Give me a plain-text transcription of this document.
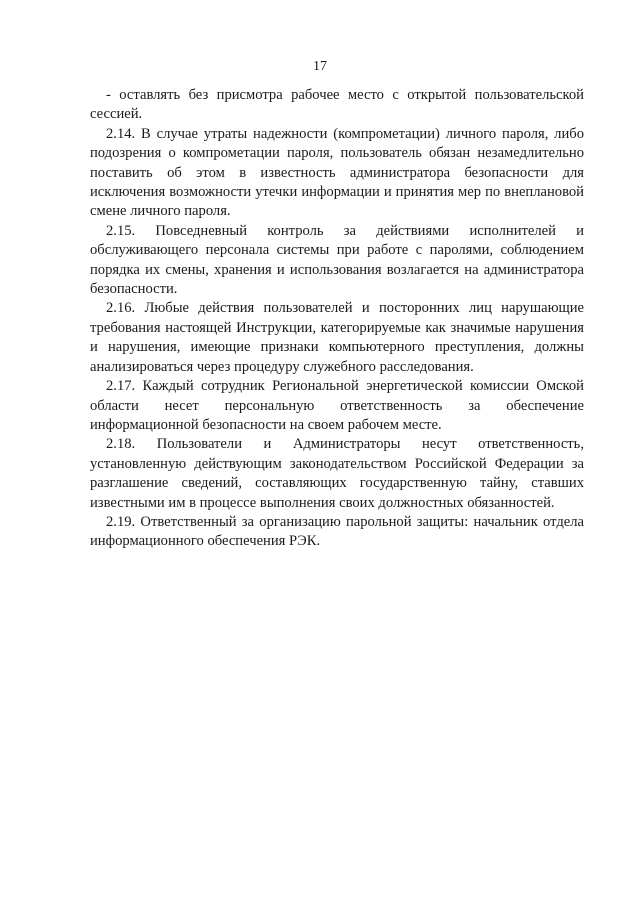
17

- оставлять без присмотра рабочее место с открытой пользовательской сессией.

2.14. В случае утраты надежности (компрометации) личного пароля, либо подозрения о компрометации пароля, пользователь обязан незамедлительно поставить об этом в известность администратора безопасности для исключения возможности утечки информации и принятия мер по внеплановой смене личного пароля.

2.15. Повседневный контроль за действиями исполнителей и обслуживающего персонала системы при работе с паролями, соблюдением порядка их смены, хранения и использования возлагается на администратора безопасности.

2.16. Любые действия пользователей и посторонних лиц нарушающие требования настоящей Инструкции, категорируемые как значимые нарушения и нарушения, имеющие признаки компьютерного преступления, должны анализироваться через процедуру служебного расследования.

2.17. Каждый сотрудник Региональной энергетической комиссии Омской области несет персональную ответственность за обеспечение информационной безопасности на своем рабочем месте.

2.18. Пользователи и Администраторы несут ответственность, установленную действующим законодательством Российской Федерации за разглашение сведений, составляющих государственную тайну, ставших известными им в процессе выполнения своих должностных обязанностей.

2.19. Ответственный за организацию парольной защиты: начальник отдела информационного обеспечения РЭК.
